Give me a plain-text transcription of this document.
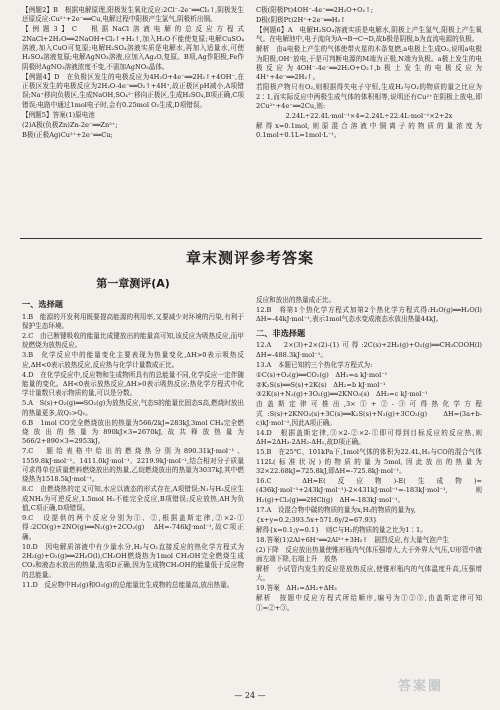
【例题2】B　根据电解原理,阳极发生氧化反应:2Cl⁻-2e⁻══Cl₂↑,阴极发生还原反应:Cu²⁺+2e⁻══Cu,电解过程中阳极产生氯气,阴极析出铜。
【例题3】C　根据NaCl溶液电解的总反应方程式2NaCl+2H₂O══2NaOH+Cl₂↑+H₂↑,加入H₂O不能使复原;电解CuSO₄溶液,加入CuO可复原;电解H₂SO₄溶液实质是电解水,再加入适量水,可使H₂SO₄溶液复原;电解AgNO₃溶液,应加入Ag₂O,复原。B项,Ag作阳极,Fe作阴极时AgNO₃溶液浓度不变,不需加AgNO₃晶体。
【例题4】D　在负极区发生的电极反应为4H₂O+4e⁻══2H₂↑+4OH⁻,在正极区发生的电极反应为2H₂O-4e⁻══O₂↑+4H⁺,故正极区pH减小,A项错误;Na⁺移向负极区,生成NaOH,SO₄²⁻移向正极区,生成H₂SO₄,B项正确,C项错误;电路中通过1mol电子时,会有0.25mol O₂生成,D项错误。
【例题5】答案(1)原电池
(2)A极(负极Zn)Zn-2e⁻══Zn²⁺;
B极(正极Ag)Cu²⁺+2e⁻══Cu;
C极(阳极Pt)4OH⁻-4e⁻══2H₂O+O₂↑;
D极(阴极Pt)2H⁺+2e⁻══H₂↑
【例题6】A　电解H₂SO₄溶液实质是电解水,阴极上产生氢气,阳极上产生氧气。在电解池中,电子流向为A→B→C→D,故b极是阴极,b为直流电源的负极。
解析　由a电极上产生的气体使带火星的木条复燃,a电极上生成O₂,说明a电极为阳极,OH⁻放电,于是可判断电源的M端为正极,N端为负极。a极上发生的电极反应为4OH⁻-4e⁻══2H₂O+O₂↑,b极上发生的电极反应为4H⁺+4e⁻══2H₂↑。
若阳极产物只有O₂,则根据得失电子守恒,生成H₂与O₂的物质的量之比应为2∶1,而实际反应中两极生成气体的体积相等,说明还有Cu²⁺在阴极上放电,即2Cu²⁺+4e⁻══2Cu,则:
2.24L÷22.4L·mol⁻¹×4=2.24L÷22.4L·mol⁻¹×2+2x
解得x=0.1mol,则原混合溶液中铜离子的物质的量浓度为0.1mol÷0.1L=1mol·L⁻¹。
章末测评参考答案
第一章测评(A)
一、选择题
1.B　能源的开发利用既要提高能源的利用率,又要减少对环境的污染,有利于保护生态环境。
2.C　由已断键吸收的能量比成键放出的能量高可知,该反应为吸热反应,而甲烷燃烧为放热反应。
3.B　化学反应中的能量变化主要表现为热量变化,ΔH>0表示吸热反应,ΔH<0表示放热反应,反应热与化学计量数成正比。
4.D　在化学反应中,反应物和生成物所具有的总能量不同,化学反应一定伴随能量的变化。ΔH<0表示放热反应,ΔH>0表示吸热反应;热化学方程式中化学计量数只表示物质的量,可以是分数。
5.A　S(s)+O₂(g)══SO₂(g)为放热反应,气态S的能量比固态S高,燃烧时放出的热量更多,故Q₂>Q₁。
6.B　1mol CO完全燃烧放出的热量为566/2kJ=283kJ,3mol CH₄完全燃烧放出的热量为890kJ×3=2670kJ,故共释放热量为566/2+890×3=2953kJ。
7.C　题给表格中给出的燃烧热分别为890.31kJ·mol⁻¹、1559.8kJ·mol⁻¹、1411.0kJ·mol⁻¹、2219.9kJ·mol⁻¹,结合相对分子质量可求得单位质量燃料燃烧放出的热量,乙烷燃烧放出的热量为3037kJ,其中燃烧热为1518.5kJ·mol⁻¹。
8.C　由燃烧热的定义可知,水应以液态的形式存在,A项错误;N₂与H₂反应生成NH₃为可逆反应,1.5mol H₂不能完全反应,B项错误;反应放热,ΔH为负值,C项正确,D项错误。
9.C　设提供的两个反应分别为①、②,根据盖斯定律,②×2-①得:2CO(g)+2NO(g)══N₂(g)+2CO₂(g)　ΔH=-746kJ·mol⁻¹,故C项正确。
10.D　因电解质溶液中有少量水分,H₂与O₂直接反应的热化学方程式为2H₂(g)+O₂(g)══2H₂O(l),CH₃OH燃烧热为1mol CH₃OH完全燃烧生成CO₂和液态水放出的热量,选项D正确,因为生成物CH₃OH的能量低于反应物的总能量。
11.D　反应物中H₂(g)和O₂(g)的总能量比生成物的总能量高,放出热量。
反应和放出的热量成正比。
12.B　将第1个热化学方程式加第2个热化学方程式得:H₂O(g)══H₂O(l)　ΔH=-44kJ·mol⁻¹,表示1mol气态水变成液态水放出热量44kJ。
二、非选择题
12.A　2×(3)+2×(2)-(1)可得:2C(s)+2H₂(g)+O₂(g)══CH₃COOH(l)　ΔH=-488.3kJ·mol⁻¹。
13.A　本题已知的三个热化学方程式为:
①C(s)+O₂(g)══CO₂(g)　ΔH₁=a kJ·mol⁻¹
②K₂S(s)══S(s)+2K(s)　ΔH₂=b kJ·mol⁻¹
③2K(s)+N₂(g)+3O₂(g)══2KNO₃(s)　ΔH₃=c kJ·mol⁻¹
由盖斯定律可推出,3×①+②-③可得热化学方程式:S(s)+2KNO₃(s)+3C(s)══K₂S(s)+N₂(g)+3CO₂(g)　ΔH=(3a+b-c)kJ·mol⁻¹,因此A项正确。
14.D　根据盖斯定律,③×2-②×2-①即可得到目标反应的反应热,则ΔH=2ΔH₃-2ΔH₂-ΔH₁,故D项正确。
15.B　在25℃、101kPa下,1mol气体的体积为22.4L,H₂与CO的混合气体112L(标准状况)的物质的量为5mol,因此放出的热量为32×22.68kJ=725.8kJ,即ΔH=-725.8kJ·mol⁻¹。
16.C　ΔH=E(反应物)-E(生成物)=(436kJ·mol⁻¹+243kJ·mol⁻¹)-2×431kJ·mol⁻¹=-183kJ·mol⁻¹,则H₂(g)+Cl₂(g)══2HCl(g)　ΔH=-183kJ·mol⁻¹。
17.A　设混合物中碳的物质的量为x,H₂的物质的量为y,
{x+y=0.2;393.5x+571.6y/2=67.93}
解得{x=0.1;y=0.1}　则C与H₂的物质的量之比为1∶1。
18.答案(1)2Al+6H⁺══2Al³⁺+3H₂↑　剧烈反应,有大量气泡产生
(2)下降　反应放出热量使锥形瓶内气体压强增大,大于外界大气压,U形管中液面左端下降,右端上升　放热
解析　小试管内发生的反应是放热反应,使锥形瓶内的气体温度升高,压强增大。
19.答案　ΔH₁=ΔH₂+ΔH₃
解析　按题中反应方程式所给顺序,编号为①②③,由盖斯定律可知①=②+③。
— 24 —
答案圈
